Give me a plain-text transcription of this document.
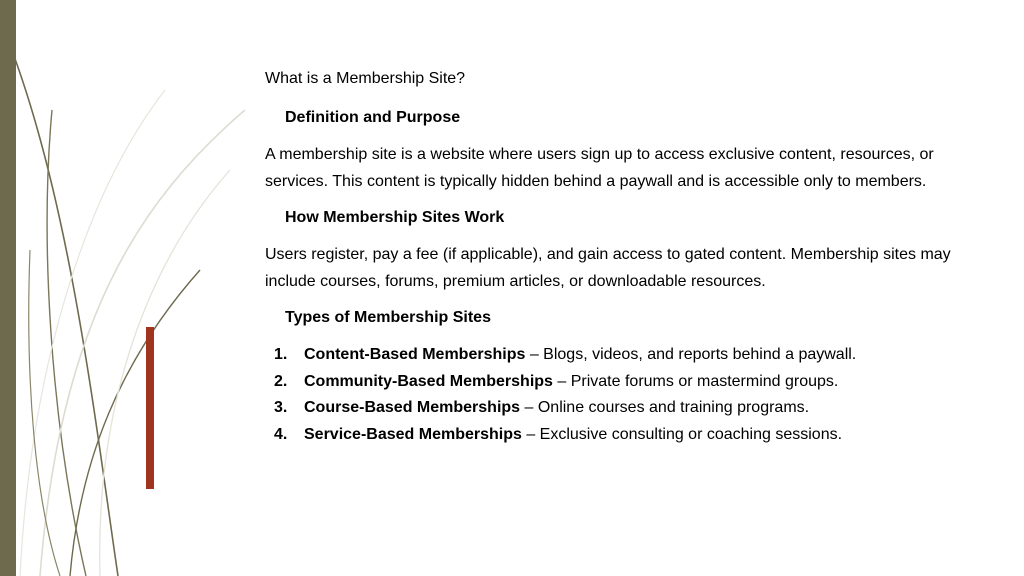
What is a Membership Site?
Definition and Purpose
A membership site is a website where users sign up to access exclusive content, resources, or services. This content is typically hidden behind a paywall and is accessible only to members.
How Membership Sites Work
Users register, pay a fee (if applicable), and gain access to gated content. Membership sites may include courses, forums, premium articles, or downloadable resources.
Types of Membership Sites
1. Content-Based Memberships – Blogs, videos, and reports behind a paywall.
2. Community-Based Memberships – Private forums or mastermind groups.
3. Course-Based Memberships – Online courses and training programs.
4. Service-Based Memberships – Exclusive consulting or coaching sessions.
